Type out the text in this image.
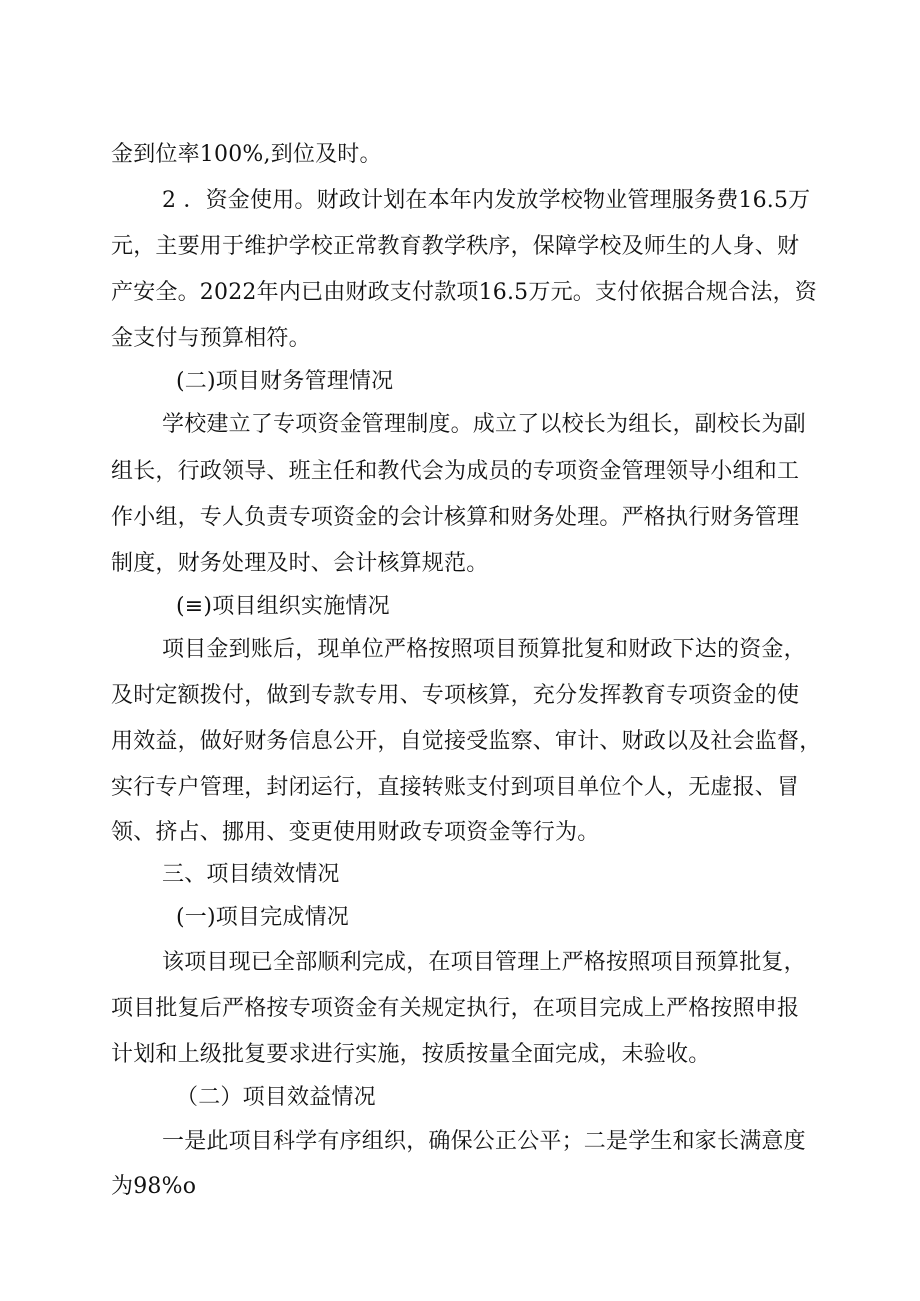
金到位率100%,到位及时。
2 ．资金使用。财政计划在本年内发放学校物业管理服务费16.5万
元，主要用于维护学校正常教育教学秩序，保障学校及师生的人身、财
产安全。2022年内已由财政支付款项16.5万元。支付依据合规合法，资
金支付与预算相符。
(二)项目财务管理情况
学校建立了专项资金管理制度。成立了以校长为组长，副校长为副
组长，行政领导、班主任和教代会为成员的专项资金管理领导小组和工
作小组，专人负责专项资金的会计核算和财务处理。严格执行财务管理
制度，财务处理及时、会计核算规范。
(≡)项目组织实施情况
项目金到账后，现单位严格按照项目预算批复和财政下达的资金，
及时定额拨付，做到专款专用、专项核算，充分发挥教育专项资金的使
用效益，做好财务信息公开，自觉接受监察、审计、财政以及社会监督，
实行专户管理，封闭运行，直接转账支付到项目单位个人，无虚报、冒
领、挤占、挪用、变更使用财政专项资金等行为。
三、项目绩效情况
(一)项目完成情况
该项目现已全部顺利完成，在项目管理上严格按照项目预算批复，
项目批复后严格按专项资金有关规定执行，在项目完成上严格按照申报
计划和上级批复要求进行实施，按质按量全面完成，未验收。
（二）项目效益情况
一是此项目科学有序组织，确保公正公平；二是学生和家长满意度
为98%o
